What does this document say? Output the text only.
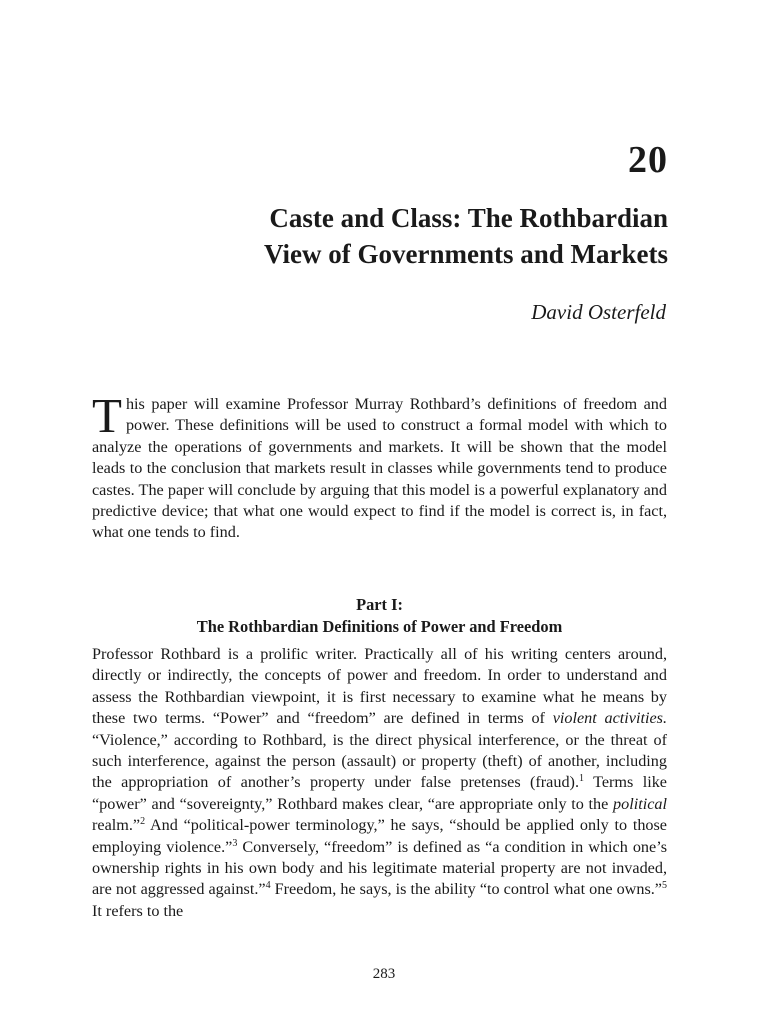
20
Caste and Class: The Rothbardian
View of Governments and Markets
David Osterfeld

This paper will examine Professor Murray Rothbard’s definitions of freedom and power. These definitions will be used to construct a formal model with which to analyze the operations of governments and markets. It will be shown that the model leads to the conclusion that markets result in classes while governments tend to produce castes. The paper will conclude by arguing that this model is a powerful explanatory and predictive device; that what one would expect to find if the model is correct is, in fact, what one tends to find.

Part I:
The Rothbardian Definitions of Power and Freedom

Professor Rothbard is a prolific writer. Practically all of his writing centers around, directly or indirectly, the concepts of power and freedom. In order to understand and assess the Rothbardian viewpoint, it is first necessary to examine what he means by these two terms. “Power” and “freedom” are defined in terms of violent activities. “Violence,” according to Rothbard, is the direct physical interference, or the threat of such interference, against the person (assault) or property (theft) of another, including the appropriation of another’s property under false pretenses (fraud).$^1$ Terms like “power” and “sovereignty,” Rothbard makes clear, “are appropriate only to the political realm.”$^2$ And “political-power terminology,” he says, “should be applied only to those employing violence.”$^3$ Conversely, “freedom” is defined as “a condition in which one’s ownership rights in his own body and his legitimate material property are not invaded, are not aggressed against.”$^4$ Freedom, he says, is the ability “to control what one owns.”$^5$ It refers to the

283
